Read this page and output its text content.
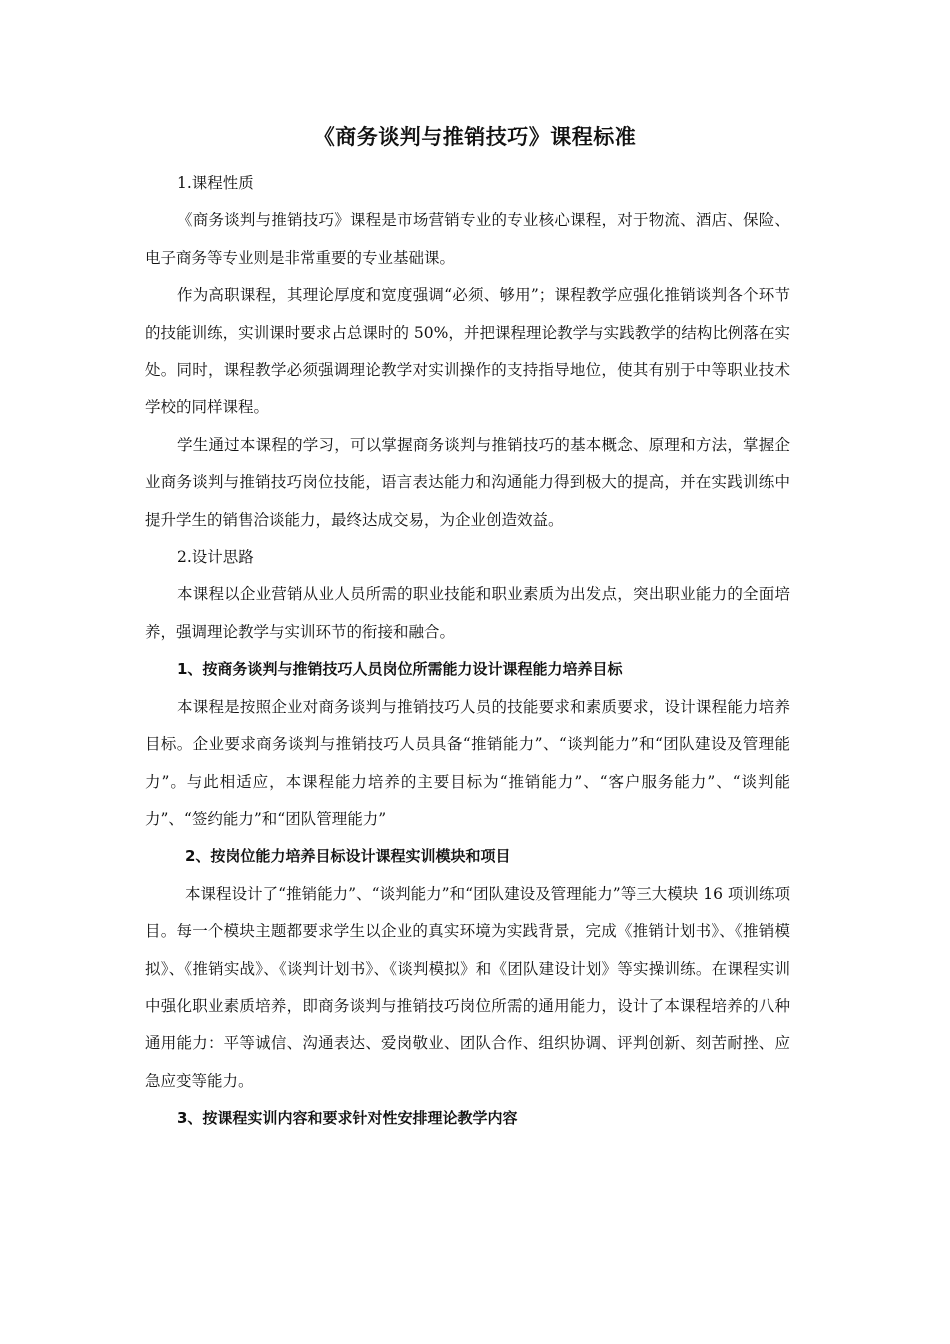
《商务谈判与推销技巧》课程标准

1.课程性质

《商务谈判与推销技巧》课程是市场营销专业的专业核心课程，对于物流、酒店、保险、电子商务等专业则是非常重要的专业基础课。

作为高职课程，其理论厚度和宽度强调“必须、够用”；课程教学应强化推销谈判各个环节的技能训练，实训课时要求占总课时的 50%，并把课程理论教学与实践教学的结构比例落在实处。同时，课程教学必须强调理论教学对实训操作的支持指导地位，使其有别于中等职业技术学校的同样课程。

学生通过本课程的学习，可以掌握商务谈判与推销技巧的基本概念、原理和方法，掌握企业商务谈判与推销技巧岗位技能，语言表达能力和沟通能力得到极大的提高，并在实践训练中提升学生的销售洽谈能力，最终达成交易，为企业创造效益。

2.设计思路

本课程以企业营销从业人员所需的职业技能和职业素质为出发点，突出职业能力的全面培养，强调理论教学与实训环节的衔接和融合。

1、按商务谈判与推销技巧人员岗位所需能力设计课程能力培养目标

本课程是按照企业对商务谈判与推销技巧人员的技能要求和素质要求，设计课程能力培养目标。企业要求商务谈判与推销技巧人员具备“推销能力”、“谈判能力”和“团队建设及管理能力”。与此相适应，本课程能力培养的主要目标为“推销能力”、“客户服务能力”、“谈判能力”、“签约能力”和“团队管理能力”

2、按岗位能力培养目标设计课程实训模块和项目

本课程设计了“推销能力”、“谈判能力”和“团队建设及管理能力”等三大模块 16 项训练项目。每一个模块主题都要求学生以企业的真实环境为实践背景，完成《推销计划书》、《推销模拟》、《推销实战》、《谈判计划书》、《谈判模拟》和《团队建设计划》等实操训练。在课程实训中强化职业素质培养，即商务谈判与推销技巧岗位所需的通用能力，设计了本课程培养的八种通用能力：平等诚信、沟通表达、爱岗敬业、团队合作、组织协调、评判创新、刻苦耐挫、应急应变等能力。

3、按课程实训内容和要求针对性安排理论教学内容
